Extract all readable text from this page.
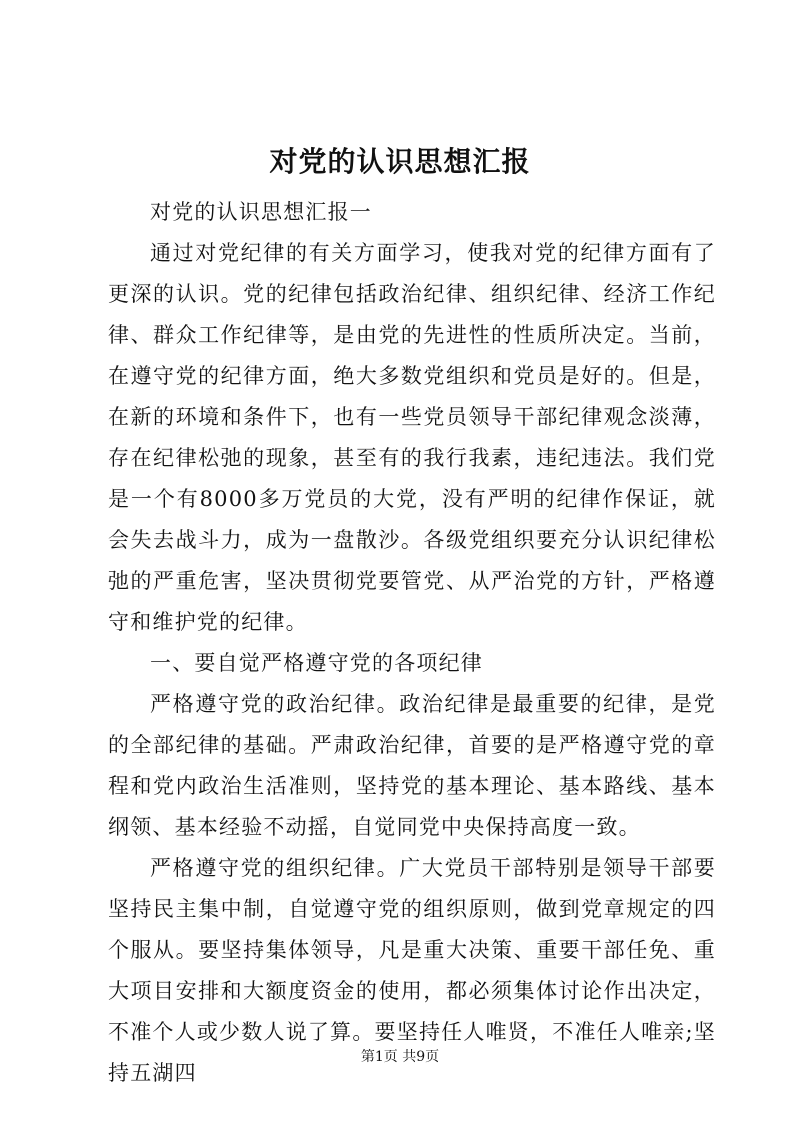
对党的认识思想汇报

对党的认识思想汇报一

通过对党纪律的有关方面学习，使我对党的纪律方面有了更深的认识。党的纪律包括政治纪律、组织纪律、经济工作纪律、群众工作纪律等，是由党的先进性的性质所决定。当前，在遵守党的纪律方面，绝大多数党组织和党员是好的。但是，在新的环境和条件下，也有一些党员领导干部纪律观念淡薄，存在纪律松弛的现象，甚至有的我行我素，违纪违法。我们党是一个有8000多万党员的大党，没有严明的纪律作保证，就会失去战斗力，成为一盘散沙。各级党组织要充分认识纪律松弛的严重危害，坚决贯彻党要管党、从严治党的方针，严格遵守和维护党的纪律。

一、要自觉严格遵守党的各项纪律

严格遵守党的政治纪律。政治纪律是最重要的纪律，是党的全部纪律的基础。严肃政治纪律，首要的是严格遵守党的章程和党内政治生活准则，坚持党的基本理论、基本路线、基本纲领、基本经验不动摇，自觉同党中央保持高度一致。

严格遵守党的组织纪律。广大党员干部特别是领导干部要坚持民主集中制，自觉遵守党的组织原则，做到党章规定的四个服从。要坚持集体领导，凡是重大决策、重要干部任免、重大项目安排和大额度资金的使用，都必须集体讨论作出决定，不准个人或少数人说了算。要坚持任人唯贤，不准任人唯亲;坚持五湖四

第1页 共9页
